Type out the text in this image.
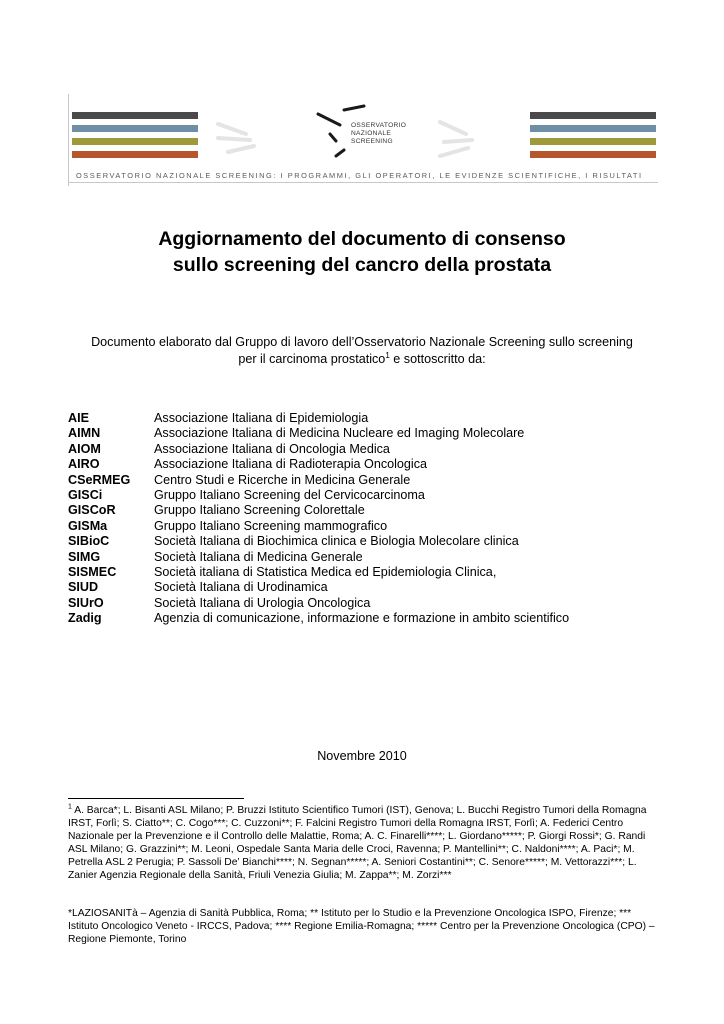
OSSERVATORIO
NAZIONALE
SCREENING
OSSERVATORIO NAZIONALE SCREENING: I PROGRAMMI, GLI OPERATORI, LE EVIDENZE SCIENTIFICHE, I RISULTATI
Aggiornamento del documento di consenso
sullo screening del cancro della prostata
Documento elaborato dal Gruppo di lavoro dell’Osservatorio Nazionale Screening sullo screening
per il carcinoma prostatico$^1$ e sottoscritto da:
AIE	Associazione Italiana di Epidemiologia
AIMN	Associazione Italiana di Medicina Nucleare ed Imaging Molecolare
AIOM	Associazione Italiana di Oncologia Medica
AIRO	Associazione Italiana di Radioterapia Oncologica
CSeRMEG Centro Studi e Ricerche in Medicina Generale
GISCi	Gruppo Italiano Screening del Cervicocarcinoma
GISCoR	Gruppo Italiano Screening Colorettale
GISMa	Gruppo Italiano Screening mammografico
SIBioC	Società Italiana di Biochimica clinica e Biologia Molecolare clinica
SIMG	Società Italiana di Medicina Generale
SISMEC	Società italiana di Statistica Medica ed Epidemiologia Clinica,
SIUD	Società Italiana di Urodinamica
SIUrO	Società Italiana di Urologia Oncologica
Zadig	Agenzia di comunicazione, informazione e formazione in ambito scientifico
Novembre 2010
$^1$ A. Barca*; L. Bisanti ASL Milano; P. Bruzzi Istituto Scientifico Tumori (IST), Genova; L. Bucchi Registro Tumori della Romagna IRST, Forlì; S. Ciatto**; C. Cogo***; C. Cuzzoni**; F. Falcini Registro Tumori della Romagna IRST, Forlì; A. Federici Centro Nazionale per la Prevenzione e il Controllo delle Malattie, Roma; A. C. Finarelli****; L. Giordano*****; P. Giorgi Rossi*; G. Randi ASL Milano; G. Grazzini**; M. Leoni, Ospedale Santa Maria delle Croci, Ravenna; P. Mantellini**; C. Naldoni****; A. Paci*; M. Petrella ASL 2 Perugia; P. Sassoli De’ Bianchi****; N. Segnan*****; A. Seniori Costantini**; C. Senore*****; M. Vettorazzi***; L. Zanier Agenzia Regionale della Sanità, Friuli Venezia Giulia; M. Zappa**; M. Zorzi***
*LAZIOSANITà – Agenzia di Sanità Pubblica, Roma; ** Istituto per lo Studio e la Prevenzione Oncologica ISPO, Firenze; *** Istituto Oncologico Veneto - IRCCS, Padova; **** Regione Emilia-Romagna; ***** Centro per la Prevenzione Oncologica (CPO) – Regione Piemonte, Torino
